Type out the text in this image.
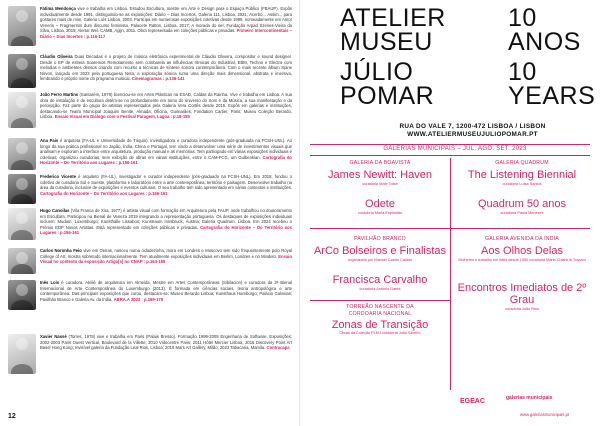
Fátima Mendonça vive e trabalha em Lisboa. Estudou Escultura, mestre em Arte e Design para o Espaço Público (FBAUP). Expôs individualmente desde 1991, distinguindo-se as exposições: Diário – Dias Incertos, Galeria 111, Lisboa, 2021; Acerbo... Assim.., para gostares mais de mim, Galeria Luís Lisboa, 2003. Participa em numerosas exposições coletivas desde 1999, nomeadamente em Amor Veneris – Fragmentos dum discurso feminista, Palacete Ratton, Lisboa, 2017; A morada do ser, Fundação Arpad Szenes-Vieira da Silva, Lisboa, 2019; Alerta! Wel. CAMB, Agijn, 2011. Obra representada em coleções públicas e privadas. Primeiro Intercontinentais – Diário – Dias Incertos : p.116-117
Cláudio Oliveira Duas Décadas é o projeto de música eletrônica experimental de Cláudio Oliveira, compositor e sound designer. Desde o EP de estreia Soaremos Remotamente sem cumbarela as influências rítmicas do Industrial, EBM, Techno e Electro com melodias e ambientes densos criando com recurso a técnicas de síntese sonora contemporânea. Com o mais recente álbum Spine Nirvon, lançado em 2023 pela portuguesa Neta, a exploração sónica ruma uma direção mais dimensional, abstrata e imersiva, lembrando o próprio nome do programa musical. Cinemagramas : p.136-141
João Ferro Martins (Santarém, 1979) licenciou-se em Artes Plásticas na ESAD, Caldas da Rainha. Vive e trabalha em Lisboa. A sua obra de instalação e de escultura detém-se no profundamente em torno do universo do Som e da Música, a sua manifestação e da percepção. Faz parte do grupo de artistas representados pela Galeria Vera Cortês desde 2016. Expôs em galerias e instituições, destacando-se Teatro Municipal Joaquim Benite, Almada; Oficina, Guimarães; Fondation Cartier, Paris; Museu Coleção Berardo, Lisboa. Ensaio Visual em Diálogo com o Festival Paragem, Lagoa : p.18-155
Ana Pais é arquiteta (FA-UL e Universidade de Tóquio), investigadora e curadora independente (pós-graduada na FCSH-UNL). Ao longo da sua prática profissional no Japão, Índia, China e Portugal, tem vindo a desenvolver uma série de investimentos visuais que analisam e exploram a interface entre arquitetura, produção manual e as memórias. Tem participado em várias exposições individuais e coletivas; organizou curadorias, sem exibição de obras em várias instituições, entre o CAM-FCG, um Gulbenkian. Cartografia do Horizonte – Do Território aos Lugares : p.156-161
Frederico Vicente é arquiteto (FA-UL), investigador e curador independente (pós-graduado na FCSH-UNL). Em 2018, fundou o coletivo de curadoria Sul e Sueste, plataforma e laboratório entre a arte contemporânea, território e paisagem. Desenvolve trabalho na área da curadoria, inclusive de exposições e eventos culturais. O seu trabalho tem sido apresentado em vários contextos e instituições. Cartografia do Horizonte – Do Território aos Lugares : p.156-161
Hugo Canoilas (Vila Franca de Xira, 1977) é artista visual com formação em Arquitetura pela FAUP, onde trabalhou no doutoramento em Escultura. Participou na Bienal de Veneza 2019 integrando a representação portuguesa. Os destaques de exposições individuais incluem: Mudam, Luxemburgo; Kunsthalle Lissabon; Kunstraum Innsbruck, Áustria; Galeria Quadrum, Lisboa. Em 2024 recebeu o Prémio EDP Novos Artistas. Está representado em coleções públicas e privadas. Cartografia do Horizonte – Do Território aos Lugares : p.156-161
Carlos Noronha Feio vive em Oeiras, nasceu numa cidadezinha, mora em Londres e Moscovo tem sido frequentemente pelo Royal College of Art, mostra sobretudo internacionalmente. Tem atualmente exposições individuais em Berlim, Londres e no Mindelo. Ensaio Visual no contexto da exposição Artigo[s] no CNAP : p.164-169
Inês Lois é curadora. Ateliê de arquitetura em Almeida, Mestre em Artes Contemporâneas (Sibilacion) e curadora da 2ª Bienal Internacional de Arte Contemporânea do Luxemburgo (2013). É formada em ciências sociais, teoria antropológica e arte contemporânea. Das principais exposições que curou, destacam-se: Museu Berardo Lisboa; Kunsthaus Hamburgo; Palácio Galveias; Pavilhão Branco e Galeria Av. da Índia. ABRA.A 2023 : p.169-179
Xavier Nassé (Torres, 1978) vive e trabalha em Paris (Palais Bresso). Formação 1999-2008 Engenharia de Software. Exposições: 2002-2003 Paris Ouest Vertical, Boulevard de la Villette; 2010 Vidocentre Paris; 2011 Hôtel Mercier Lisboa; 2015 Discovery Point Art Basel Hong Kong; Invisível galeria da Fundação Leal Rios, Lisboa; 2019 Mars Art Gallery, Milão; 2023 Tabacaria, Marvila. Contracapa
12
ATELIER
MUSEU
JÚLIO
POMAR
10
ANOS
10
YEARS
RUA DO VALE 7, 1200-472 LISBOA / LISBON
WWW.ATELIERMUSEUJULIOPOMAR.PT
GALERIAS MUNICIPAIS – JUL. AGO. SET. 2023
GALERIA DA BOAVISTA
James Newitt: Haven
curadoria Mafe Toste
GALERIA QUADRUM
The Listening Biennial
curadoria Luísa Santos
Odete
curadoria Maria Espiridião
Quadrum 50 anos
curadoria Paula Menezes
PAVILHÃO BRANCO
ArCo Bolseiros e Finalistas
organizado por Manuel Castro Caldas
GALERIA AVENIDA DA ÍNDIA
Aos Olhos Delas
Mulheres e trabalho em Itália desde 1950 curadoria Maria Chiara di Trapani
Francisca Carvalho
curadoria António Gaeta	Encontros Imediatos de 2º Grau
curadoria João Reis
TORREÃO NASCENTE DA CORDOARIA NACIONAL
Zonas de Transição
Obras da Coleção PLMJ curadoria João Silvério
EGEAC	galerias municipais
www.galeriasmunicipais.pt
